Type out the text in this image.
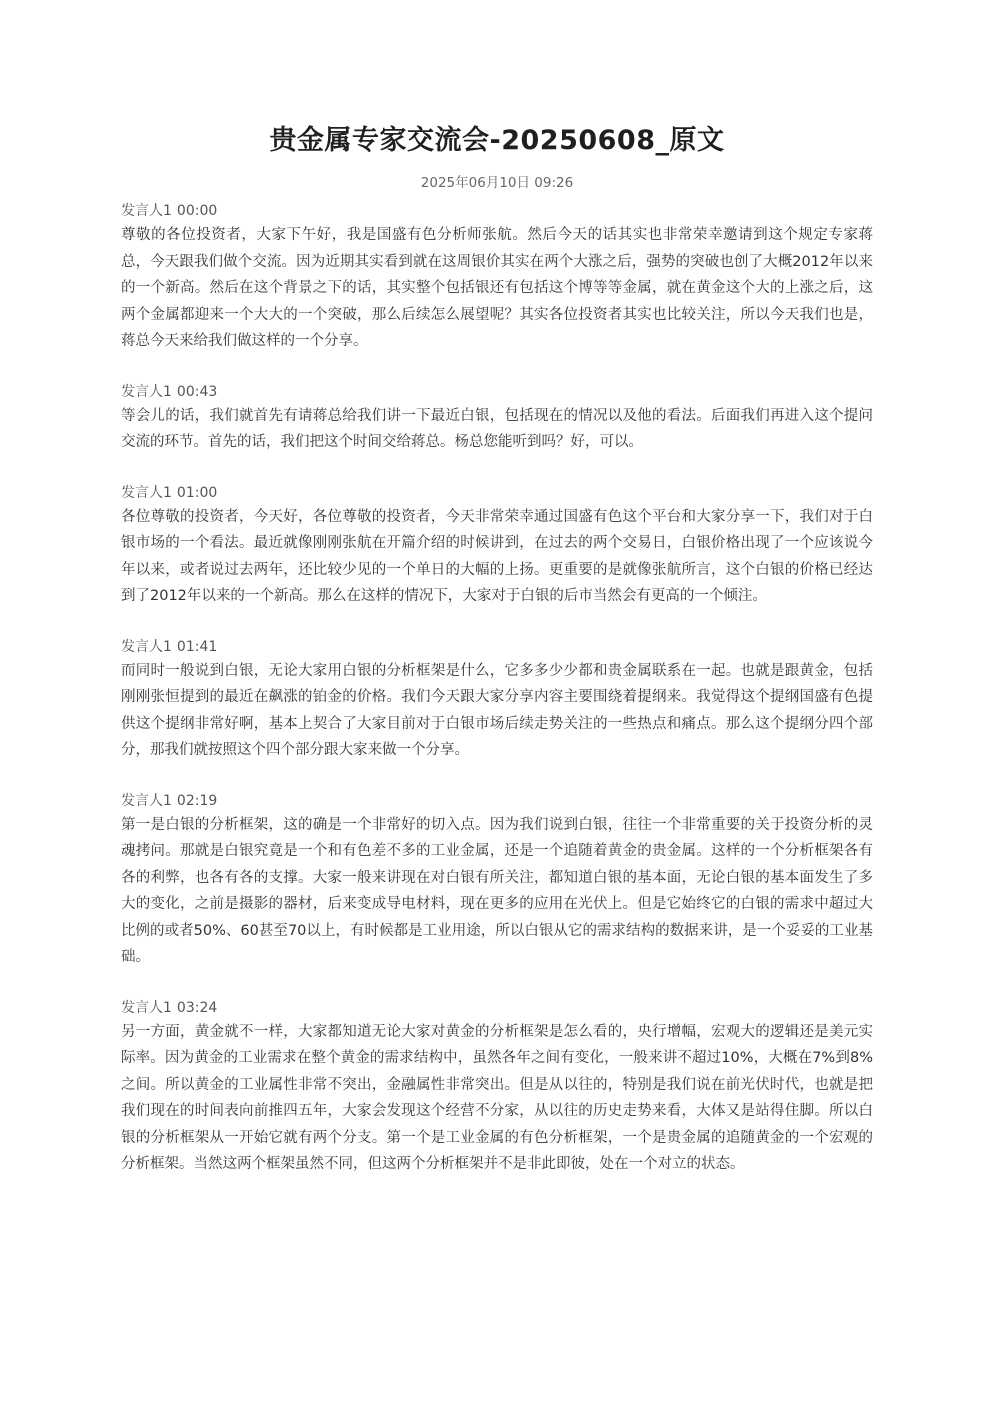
贵金属专家交流会-20250608_原文
2025年06月10日 09:26
发言人1 00:00

尊敬的各位投资者，大家下午好，我是国盛有色分析师张航。然后今天的话其实也非常荣幸邀请到这个规定专家蒋总，今天跟我们做个交流。因为近期其实看到就在这周银价其实在两个大涨之后，强势的突破也创了大概2012年以来的一个新高。然后在这个背景之下的话，其实整个包括银还有包括这个博等等金属，就在黄金这个大的上涨之后，这两个金属都迎来一个大大的一个突破，那么后续怎么展望呢？其实各位投资者其实也比较关注，所以今天我们也是，蒋总今天来给我们做这样的一个分享。

发言人1 00:43

等会儿的话，我们就首先有请蒋总给我们讲一下最近白银，包括现在的情况以及他的看法。后面我们再进入这个提问交流的环节。首先的话，我们把这个时间交给蒋总。杨总您能听到吗？好，可以。

发言人1 01:00

各位尊敬的投资者，今天好，各位尊敬的投资者，今天非常荣幸通过国盛有色这个平台和大家分享一下，我们对于白银市场的一个看法。最近就像刚刚张航在开篇介绍的时候讲到，在过去的两个交易日，白银价格出现了一个应该说今年以来，或者说过去两年，还比较少见的一个单日的大幅的上扬。更重要的是就像张航所言，这个白银的价格已经达到了2012年以来的一个新高。那么在这样的情况下，大家对于白银的后市当然会有更高的一个倾注。

发言人1 01:41

而同时一般说到白银，无论大家用白银的分析框架是什么，它多多少少都和贵金属联系在一起。也就是跟黄金，包括刚刚张恒提到的最近在飙涨的铂金的价格。我们今天跟大家分享内容主要围绕着提纲来。我觉得这个提纲国盛有色提供这个提纲非常好啊，基本上契合了大家目前对于白银市场后续走势关注的一些热点和痛点。那么这个提纲分四个部分，那我们就按照这个四个部分跟大家来做一个分享。

发言人1 02:19

第一是白银的分析框架，这的确是一个非常好的切入点。因为我们说到白银，往往一个非常重要的关于投资分析的灵魂拷问。那就是白银究竟是一个和有色差不多的工业金属，还是一个追随着黄金的贵金属。这样的一个分析框架各有各的利弊，也各有各的支撑。大家一般来讲现在对白银有所关注，都知道白银的基本面，无论白银的基本面发生了多大的变化，之前是摄影的器材，后来变成导电材料，现在更多的应用在光伏上。但是它始终它的白银的需求中超过大比例的或者50%、60甚至70以上，有时候都是工业用途，所以白银从它的需求结构的数据来讲，是一个妥妥的工业基础。

发言人1 03:24

另一方面，黄金就不一样，大家都知道无论大家对黄金的分析框架是怎么看的，央行增幅，宏观大的逻辑还是美元实际率。因为黄金的工业需求在整个黄金的需求结构中，虽然各年之间有变化，一般来讲不超过10%，大概在7%到8%之间。所以黄金的工业属性非常不突出，金融属性非常突出。但是从以往的，特别是我们说在前光伏时代，也就是把我们现在的时间表向前推四五年，大家会发现这个经营不分家，从以往的历史走势来看，大体又是站得住脚。所以白银的分析框架从一开始它就有两个分支。第一个是工业金属的有色分析框架，一个是贵金属的追随黄金的一个宏观的分析框架。当然这两个框架虽然不同，但这两个分析框架并不是非此即彼，处在一个对立的状态。
